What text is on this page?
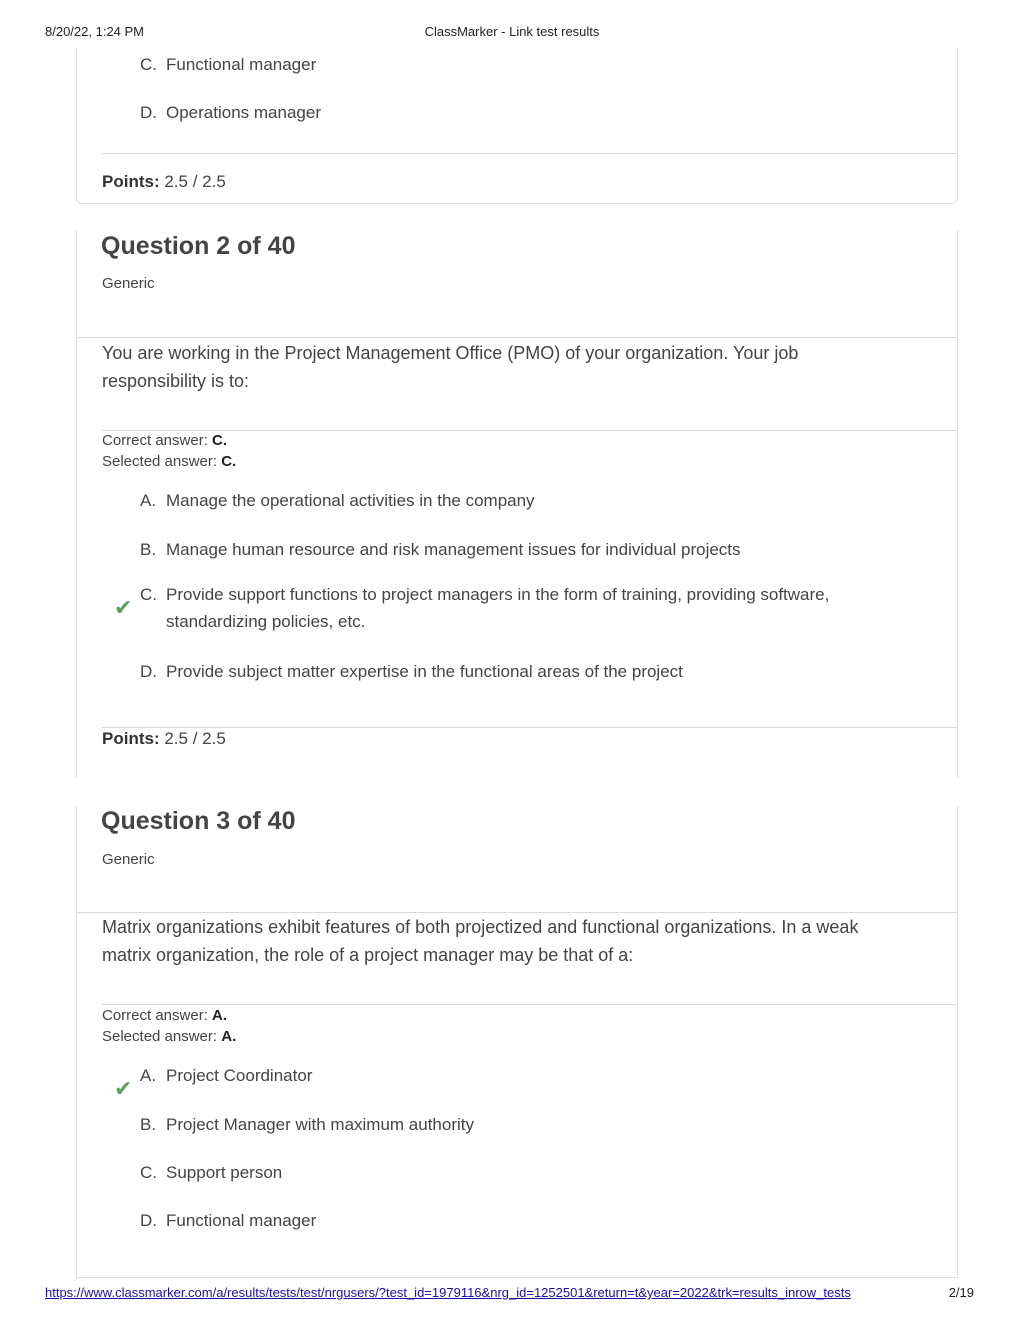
8/20/22, 1:24 PM	ClassMarker - Link test results
C. Functional manager
D. Operations manager
Points: 2.5 / 2.5
Question 2 of 40
Generic
You are working in the Project Management Office (PMO) of your organization. Your job responsibility is to:
Correct answer: C.
Selected answer: C.
A. Manage the operational activities in the company
B. Manage human resource and risk management issues for individual projects
✔
C. Provide support functions to project managers in the form of training, providing software, standardizing policies, etc.
D. Provide subject matter expertise in the functional areas of the project
Points: 2.5 / 2.5
Question 3 of 40
Generic
Matrix organizations exhibit features of both projectized and functional organizations. In a weak matrix organization, the role of a project manager may be that of a:
Correct answer: A.
Selected answer: A.
✔
A. Project Coordinator
B. Project Manager with maximum authority
C. Support person
D. Functional manager
https://www.classmarker.com/a/results/tests/test/nrgusers/?test_id=1979116&nrg_id=1252501&return=t&year=2022&trk=results_inrow_tests	2/19
